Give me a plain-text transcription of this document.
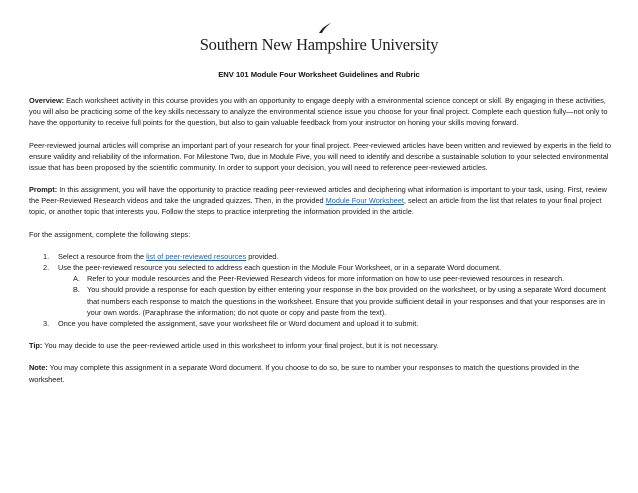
Southern New Hampshire University
ENV 101 Module Four Worksheet Guidelines and Rubric

Overview: Each worksheet activity in this course provides you with an opportunity to engage deeply with a environmental science concept or skill. By engaging in these activities, you will also be practicing some of the key skills necessary to analyze the environmental science issue you choose for your final project. Complete each question fully—not only to have the opportunity to receive full points for the question, but also to gain valuable feedback from your instructor on honing your skills moving forward.

Peer-reviewed journal articles will comprise an important part of your research for your final project. Peer-reviewed articles have been written and reviewed by experts in the field to ensure validity and reliability of the information. For Milestone Two, due in Module Five, you will need to identify and describe a sustainable solution to your selected environmental issue that has been proposed by the scientific community. In order to support your decision, you will need to reference peer-reviewed articles.

Prompt: In this assignment, you will have the opportunity to practice reading peer-reviewed articles and deciphering what information is important to your task, using. First, review the Peer-Reviewed Research videos and take the ungraded quizzes. Then, in the provided Module Four Worksheet, select an article from the list that relates to your final project topic, or another topic that interests you. Follow the steps to practice interpreting the information provided in the article.

For the assignment, complete the following steps:

1. Select a resource from the list of peer-reviewed resources provided.
2. Use the peer-reviewed resource you selected to address each question in the Module Four Worksheet, or in a separate Word document.
A. Refer to your module resources and the Peer-Reviewed Research videos for more information on how to use peer-reviewed resources in research.
B. You should provide a response for each question by either entering your response in the box provided on the worksheet, or by using a separate Word document that numbers each response to match the questions in the worksheet. Ensure that you provide sufficient detail in your responses and that your responses are in your own words. (Paraphrase the information; do not quote or copy and paste from the text).
3. Once you have completed the assignment, save your worksheet file or Word document and upload it to submit.

Tip: You may decide to use the peer-reviewed article used in this worksheet to inform your final project, but it is not necessary.

Note: You may complete this assignment in a separate Word document. If you choose to do so, be sure to number your responses to match the questions provided in the worksheet.
